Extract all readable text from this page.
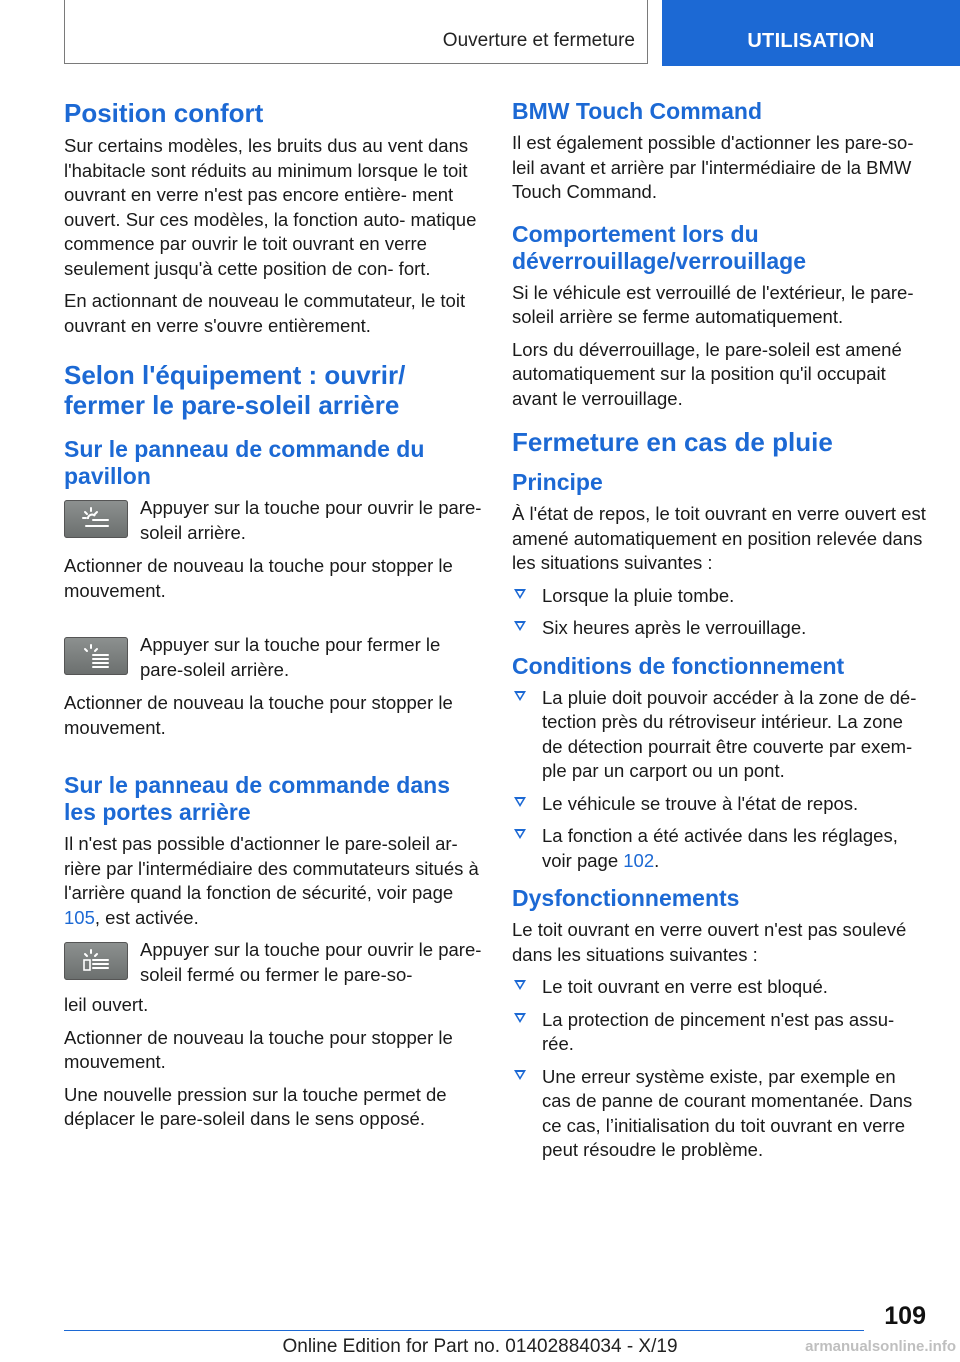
Ouverture et fermeture	UTILISATION
Position confort

Sur certains modèles, les bruits dus au vent dans l'habitacle sont réduits au minimum lorsque le toit ouvrant en verre n'est pas encore entière- ment ouvert. Sur ces modèles, la fonction auto- matique commence par ouvrir le toit ouvrant en verre seulement jusqu'à cette position de con- fort.

En actionnant de nouveau le commutateur, le toit ouvrant en verre s'ouvre entièrement.

Selon l'équipement : ouvrir/ fermer le pare-soleil arrière
Sur le panneau de commande du pavillon
Appuyer sur la touche pour ouvrir le pare-soleil arrière.

Actionner de nouveau la touche pour stopper le mouvement.

Appuyer sur la touche pour fermer le pare-soleil arrière.

Actionner de nouveau la touche pour stopper le mouvement.

Sur le panneau de commande dans les portes arrière

Il n'est pas possible d'actionner le pare-soleil ar- rière par l'intermédiaire des commutateurs situés à l'arrière quand la fonction de sécurité, voir page 105, est activée.

Appuyer sur la touche pour ouvrir le pare-soleil fermé ou fermer le pare-so-

leil ouvert.

Actionner de nouveau la touche pour stopper le mouvement.

Une nouvelle pression sur la touche permet de déplacer le pare-soleil dans le sens opposé.

BMW Touch Command

Il est également possible d'actionner les pare-so- leil avant et arrière par l'intermédiaire de la BMW Touch Command.

Comportement lors du déverrouillage/verrouillage

Si le véhicule est verrouillé de l'extérieur, le pare- soleil arrière se ferme automatiquement.

Lors du déverrouillage, le pare-soleil est amené automatiquement sur la position qu'il occupait avant le verrouillage.

Fermeture en cas de pluie
Principe

À l'état de repos, le toit ouvrant en verre ouvert est amené automatiquement en position relevée dans les situations suivantes :

Lorsque la pluie tombe.
Six heures après le verrouillage.
Conditions de fonctionnement
La pluie doit pouvoir accéder à la zone de dé- tection près du rétroviseur intérieur. La zone de détection pourrait être couverte par exem- ple par un carport ou un pont.
Le véhicule se trouve à l'état de repos.
La fonction a été activée dans les réglages, voir page 102.
Dysfonctionnements

Le toit ouvrant en verre ouvert n'est pas soulevé dans les situations suivantes :

Le toit ouvrant en verre est bloqué.
La protection de pincement n'est pas assu- rée.
Une erreur système existe, par exemple en cas de panne de courant momentanée. Dans ce cas, l’initialisation du toit ouvrant en verre peut résoudre le problème.
109
Online Edition for Part no. 01402884034 - X/19	armanualsonline.info
